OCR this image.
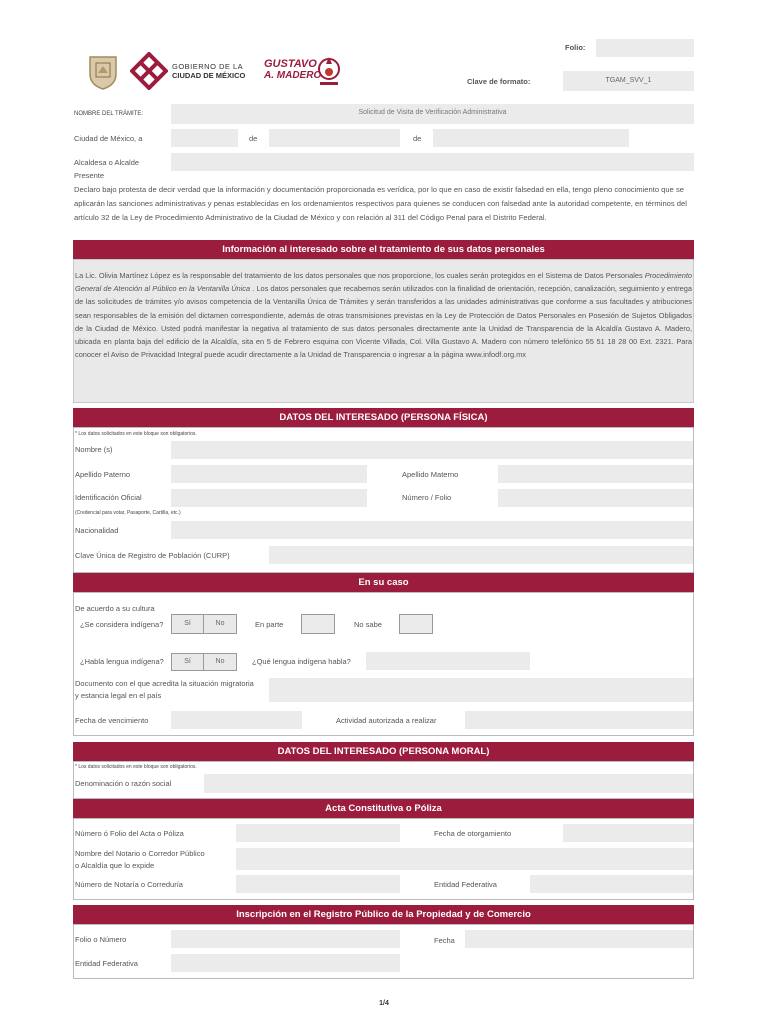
GOBIERNO DE LA
CIUDAD DE MÉXICO
GUSTAVO
A. MADERO
Folio:
Clave de formato:	TGAM_SVV_1
NOMBRE DEL TRÁMITE:	Solicitud de Visita de Verificación Administrativa
Ciudad de México, a	de	de
Alcaldesa o Alcalde
Presente
Declaro bajo protesta de decir verdad que la información y documentación proporcionada es verídica, por lo que en caso de existir falsedad en ella, tengo pleno conocimiento que se aplicarán las sanciones administrativas y penas establecidas en los ordenamientos respectivos para quienes se conducen con falsedad ante la autoridad competente, en términos del artículo 32 de la Ley de Procedimiento Administrativo de la Ciudad de México y con relación al 311 del Código Penal para el Distrito Federal.
Información al interesado sobre el tratamiento de sus datos personales
La Lic. Olivia Martínez López es la responsable del tratamiento de los datos personales que nos proporcione, los cuales serán protegidos en el Sistema de Datos Personales Procedimiento General de Atención al Público en la Ventanilla Única . Los datos personales que recabemos serán utilizados con la finalidad de orientación, recepción, canalización, seguimiento y entrega de las solicitudes de trámites y/o avisos competencia de la Ventanilla Única de Trámites y serán transferidos a las unidades administrativas que conforme a sus facultades y atribuciones sean responsables de la emisión del dictamen correspondiente, además de otras transmisiones previstas en la Ley de Protección de Datos Personales en Posesión de Sujetos Obligados de la Ciudad de México. Usted podrá manifestar la negativa al tratamiento de sus datos personales directamente ante la Unidad de Transparencia de la Alcaldía Gustavo A. Madero, ubicada en planta baja del edificio de la Alcaldía, sita en 5 de Febrero esquina con Vicente Villada, Col. Villa Gustavo A. Madero con número telefónico 55 51 18 28 00 Ext. 2321. Para conocer el Aviso de Privacidad Integral puede acudir directamente a la Unidad de Transparencia o ingresar a la página www.infodf.org.mx
DATOS DEL INTERESADO (PERSONA FÍSICA)
* Los datos solicitados en este bloque son obligatorios.
Nombre (s)
Apellido Paterno	Apellido Materno
Identificación Oficial	Número / Folio
(Credencial para votar, Pasaporte, Cartilla, etc.)
Nacionalidad
Clave Única de Registro de Población (CURP)
En su caso
De acuerdo a su cultura
¿Se considera indígena?	Sí	No	En parte	No sabe
¿Habla lengua indígena?	Sí	No	¿Qué lengua indígena habla?
Documento con el que acredita la situación migratoria
y estancia legal en el país
Fecha de vencimiento	Actividad autorizada a realizar
DATOS DEL INTERESADO (PERSONA MORAL)
* Los datos solicitados en este bloque son obligatorios.
Denominación o razón social
Acta Constitutiva o Póliza
Número ó Folio del Acta o Póliza	Fecha de otorgamiento
Nombre del Notario o Corredor Público
o Alcaldía que lo expide
Número de Notaría o Correduría	Entidad Federativa
Inscripción en el Registro Público de la Propiedad y de Comercio
Folio o Número	Fecha
Entidad Federativa
1/4
